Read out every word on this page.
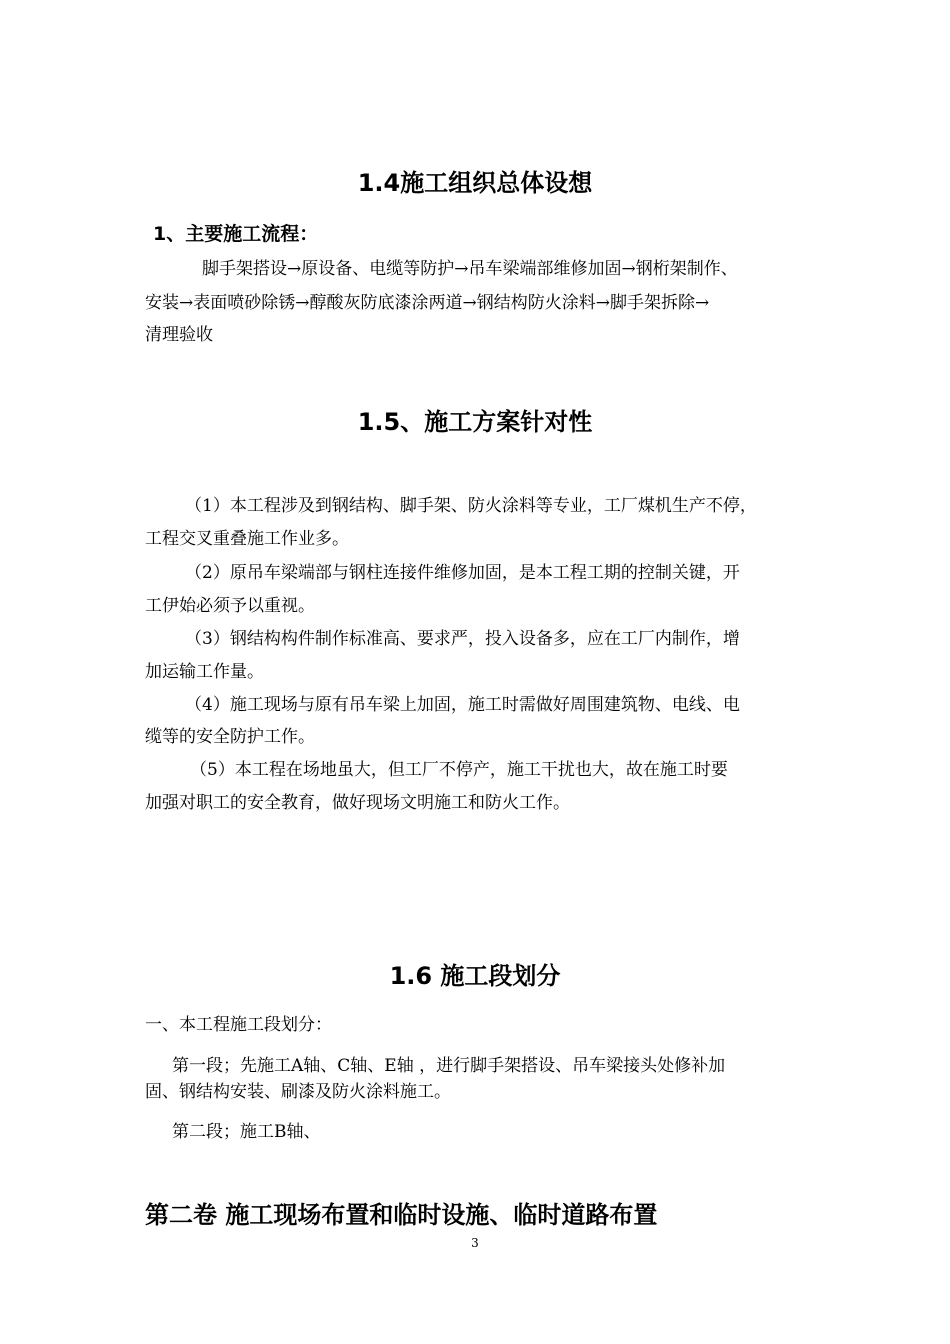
1.4施工组织总体设想
1、主要施工流程：
脚手架搭设→原设备、电缆等防护→吊车梁端部维修加固→钢桁架制作、
安装→表面喷砂除锈→醇酸灰防底漆涂两道→钢结构防火涂料→脚手架拆除→
清理验收
1.5、施工方案针对性
（1）本工程涉及到钢结构、脚手架、防火涂料等专业，工厂煤机生产不停，
工程交叉重叠施工作业多。
（2）原吊车梁端部与钢柱连接件维修加固，是本工程工期的控制关键，开
工伊始必须予以重视。
（3）钢结构构件制作标准高、要求严，投入设备多，应在工厂内制作，增
加运输工作量。
（4）施工现场与原有吊车梁上加固，施工时需做好周围建筑物、电线、电
缆等的安全防护工作。
（5）本工程在场地虽大，但工厂不停产，施工干扰也大，故在施工时要
加强对职工的安全教育，做好现场文明施工和防火工作。
1.6 施工段划分
一、本工程施工段划分：
第一段；先施工A轴、C轴、E轴 ，进行脚手架搭设、吊车梁接头处修补加
固、钢结构安装、刷漆及防火涂料施工。
第二段；施工B轴、
第二卷 施工现场布置和临时设施、临时道路布置
3
